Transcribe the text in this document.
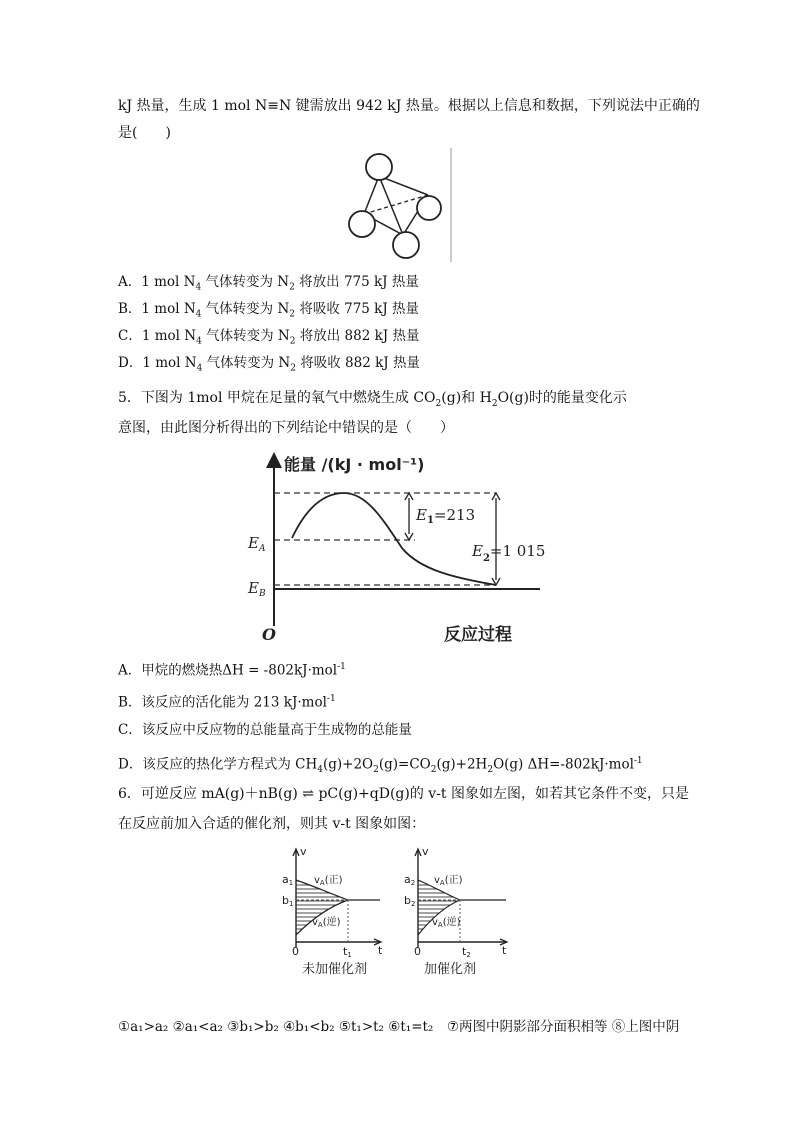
kJ 热量，生成 1 mol N≡N 键需放出 942 kJ 热量。根据以上信息和数据，下列说法中正确的
是(　　)
A．1 mol $N_4$ 气体转变为 $N_2$ 将放出 775 kJ 热量
B．1 mol $N_4$ 气体转变为 $N_2$ 将吸收 775 kJ 热量
C．1 mol $N_4$ 气体转变为 $N_2$ 将放出 882 kJ 热量
D．1 mol $N_4$ 气体转变为 $N_2$ 将吸收 882 kJ 热量
5．下图为 1mol 甲烷在足量的氧气中燃烧生成 $CO_2(g)$和 $H_2O(g)$时的能量变化示
意图，由此图分析得出的下列结论中错误的是（　　）
能量 /(kJ · mol⁻¹)
反应过程
O
$E_A$
$E_B$
$E_1=213$
$E_2=1$ 015
A．甲烷的燃烧热ΔH = -802kJ·mol$^{-1}$
B．该反应的活化能为 213 kJ·mol$^{-1}$
C．该反应中反应物的总能量高于生成物的总能量
D．该反应的热化学方程式为 $CH_4(g)+2O_2(g)=CO_2(g)+2H_2O(g)$ ΔH=-802kJ·mol$^{-1}$
6．可逆反应 mA(g)＋nB(g) ⇌ pC(g)+qD(g)的 v-t 图象如左图，如若其它条件不变，只是
在反应前加入合适的催化剂，则其 v-t 图象如图：
v
a1
b1
0	t
t1
$v_A$(正)
$v_A$(逆)
未加催化剂
v
a2
b2
0	t
t2
$v_A$(正)
$v_A$(逆)
加催化剂
①a₁>a₂ ②a₁<a₂ ③b₁>b₂ ④b₁<b₂ ⑤t₁>t₂ ⑥t₁=t₂　⑦两图中阴影部分面积相等 ⑧上图中阴
